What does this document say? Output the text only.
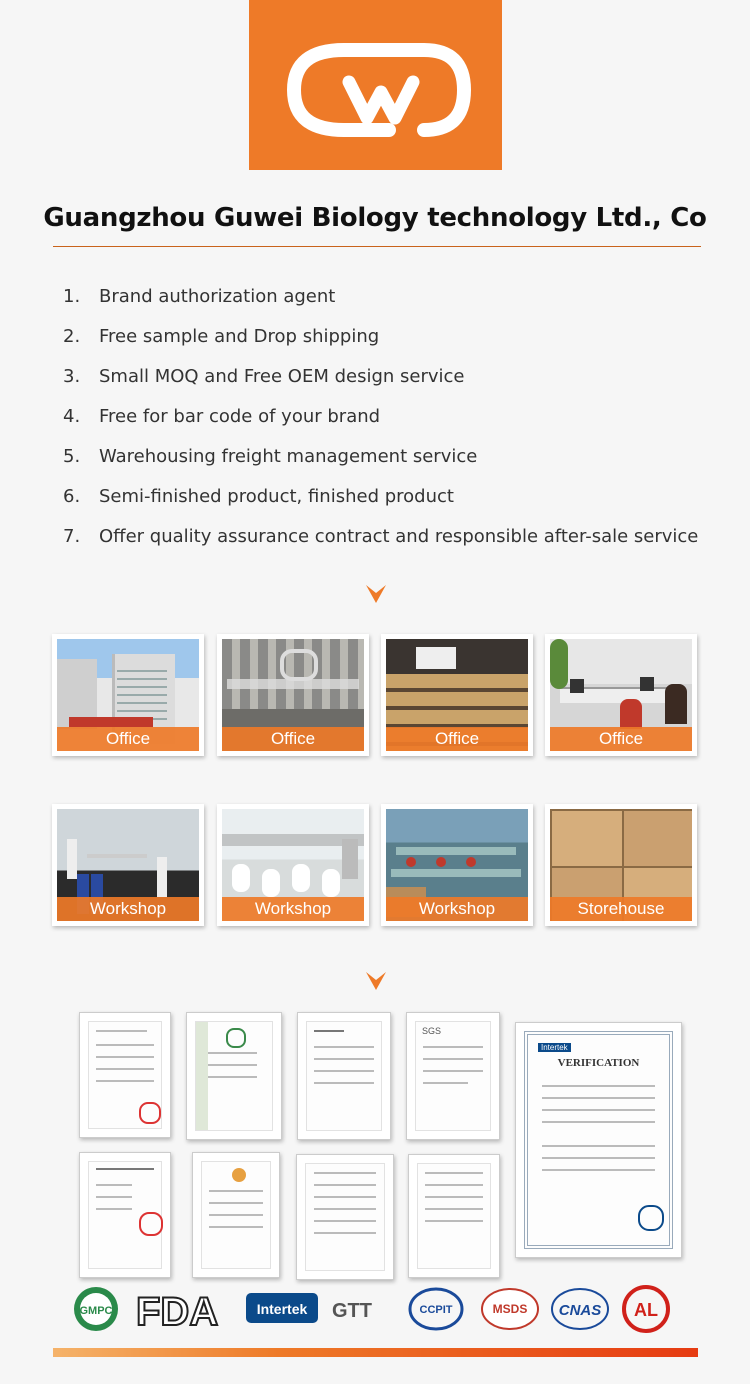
Guangzhou Guwei Biology technology Ltd., Co
1. Brand authorization agent
2. Free sample and Drop shipping
3. Small MOQ and Free OEM design service
4. Free for bar code of your brand
5. Warehousing freight management service
6. Semi-finished product, finished product
7. Offer quality assurance contract and responsible after-sale service
Office	Office	Office	Office
Workshop	Workshop	Workshop	Storehouse
SGS
Intertek
VERIFICATION
GMPC FDA	Intertek GTT	CCPIT	MSDS CNAS AL
